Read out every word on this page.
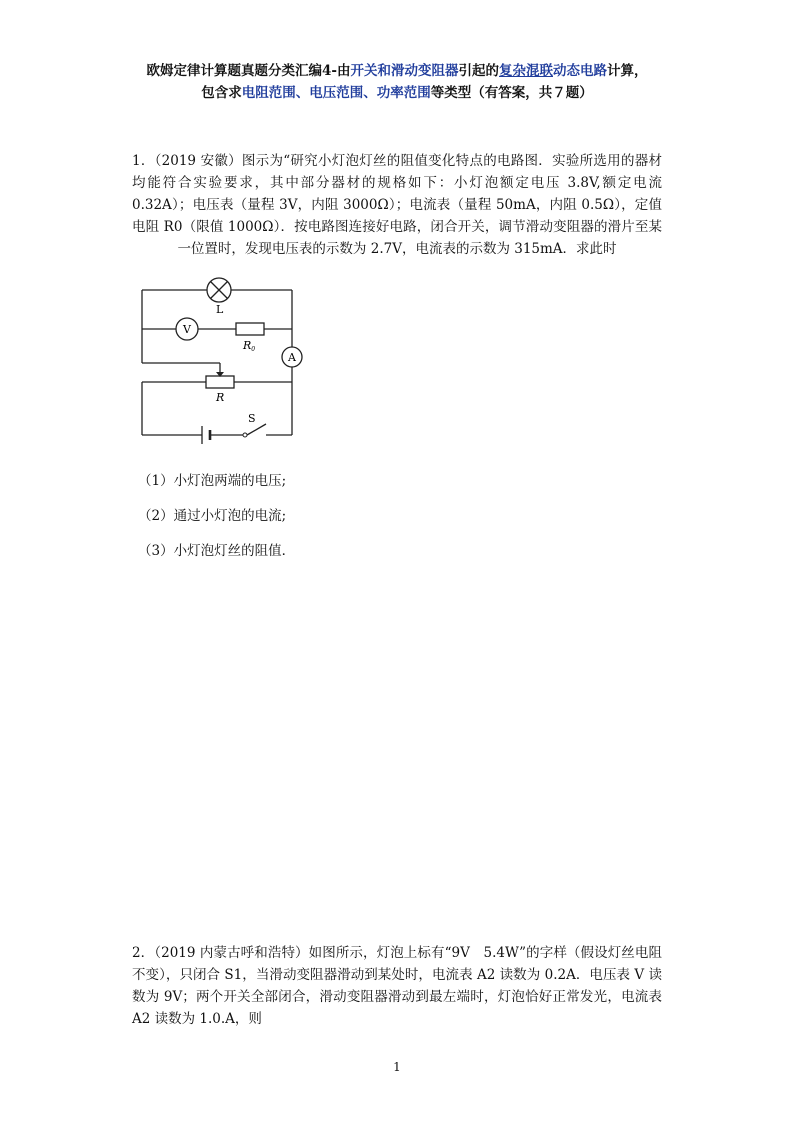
欧姆定律计算题真题分类汇编4-由开关和滑动变阻器引起的复杂混联动态电路计算，
包含求电阻范围、电压范围、功率范围等类型（有答案，共７题）
1．（2019 安徽）图示为“研究小灯泡灯丝的阻值变化特点的电路图．实验所选用的器材均能符合实验要求，其中部分器材的规格如下：小灯泡额定电压 3.8V,额定电流 0.32A）；电压表（量程 3V，内阻 3000Ω）；电流表（量程 50mA，内阻 0.5Ω），定值电阻 R0（限值 1000Ω）．按电路图连接好电路，闭合开关，调节滑动变阻器的滑片至某一位置时，发现电压表的示数为 2.7V，电流表的示数为 315mA．求此时
L
V
R0
A
R
S
（1）小灯泡两端的电压;
（2）通过小灯泡的电流;
（3）小灯泡灯丝的阻值．
2．（2019 内蒙古呼和浩特）如图所示，灯泡上标有“9V　5.4W”的字样（假设灯丝电阻不变），只闭合 S1，当滑动变阻器滑动到某处时，电流表 A2 读数为 0.2A．电压表 V 读数为 9V；两个开关全部闭合，滑动变阻器滑动到最左端时，灯泡恰好正常发光，电流表 A2 读数为 1.0.A，则
1
